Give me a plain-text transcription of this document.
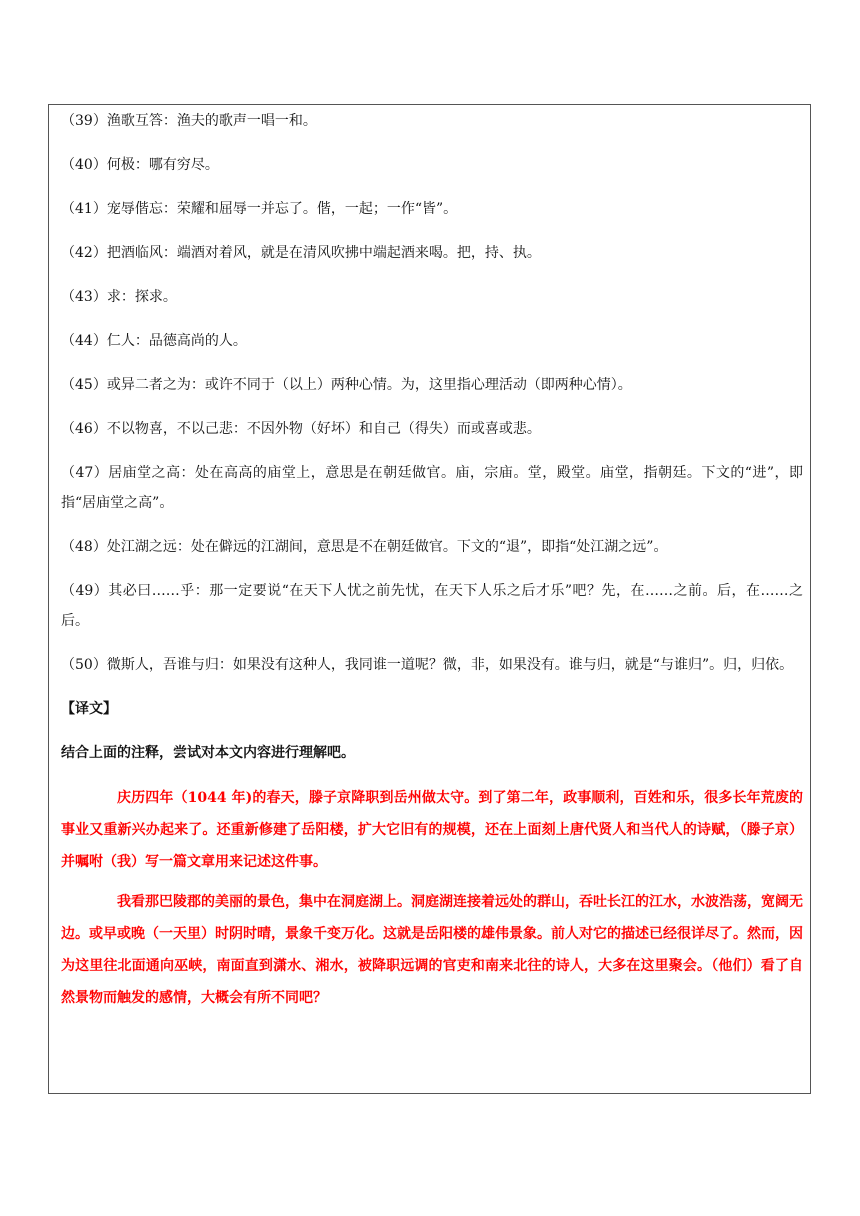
（39）渔歌互答：渔夫的歌声一唱一和。

（40）何极：哪有穷尽。

（41）宠辱偕忘：荣耀和屈辱一并忘了。偕，一起；一作“皆”。

（42）把酒临风：端酒对着风，就是在清风吹拂中端起酒来喝。把，持、执。

（43）求：探求。

（44）仁人：品德高尚的人。

（45）或异二者之为：或许不同于（以上）两种心情。为，这里指心理活动（即两种心情）。

（46）不以物喜，不以己悲：不因外物（好坏）和自己（得失）而或喜或悲。

（47）居庙堂之高：处在高高的庙堂上，意思是在朝廷做官。庙，宗庙。堂，殿堂。庙堂，指朝廷。下文的“进”，即指“居庙堂之高”。

（48）处江湖之远：处在僻远的江湖间，意思是不在朝廷做官。下文的“退”，即指“处江湖之远”。

（49）其必曰……乎：那一定要说“在天下人忧之前先忧，在天下人乐之后才乐”吧？先，在……之前。后，在……之后。

（50）微斯人，吾谁与归：如果没有这种人，我同谁一道呢？微，非，如果没有。谁与归，就是“与谁归”。归，归依。

【译文】

结合上面的注释，尝试对本文内容进行理解吧。

庆历四年（1044 年)的春天，滕子京降职到岳州做太守。到了第二年，政事顺利，百姓和乐，很多长年荒废的事业又重新兴办起来了。还重新修建了岳阳楼，扩大它旧有的规模，还在上面刻上唐代贤人和当代人的诗赋，（滕子京）并嘱咐（我）写一篇文章用来记述这件事。

我看那巴陵郡的美丽的景色，集中在洞庭湖上。洞庭湖连接着远处的群山，吞吐长江的江水，水波浩荡，宽阔无边。或早或晚（一天里）时阴时晴，景象千变万化。这就是岳阳楼的雄伟景象。前人对它的描述已经很详尽了。然而，因为这里往北面通向巫峡，南面直到潇水、湘水，被降职远调的官吏和南来北往的诗人，大多在这里聚会。（他们）看了自然景物而触发的感情，大概会有所不同吧？
